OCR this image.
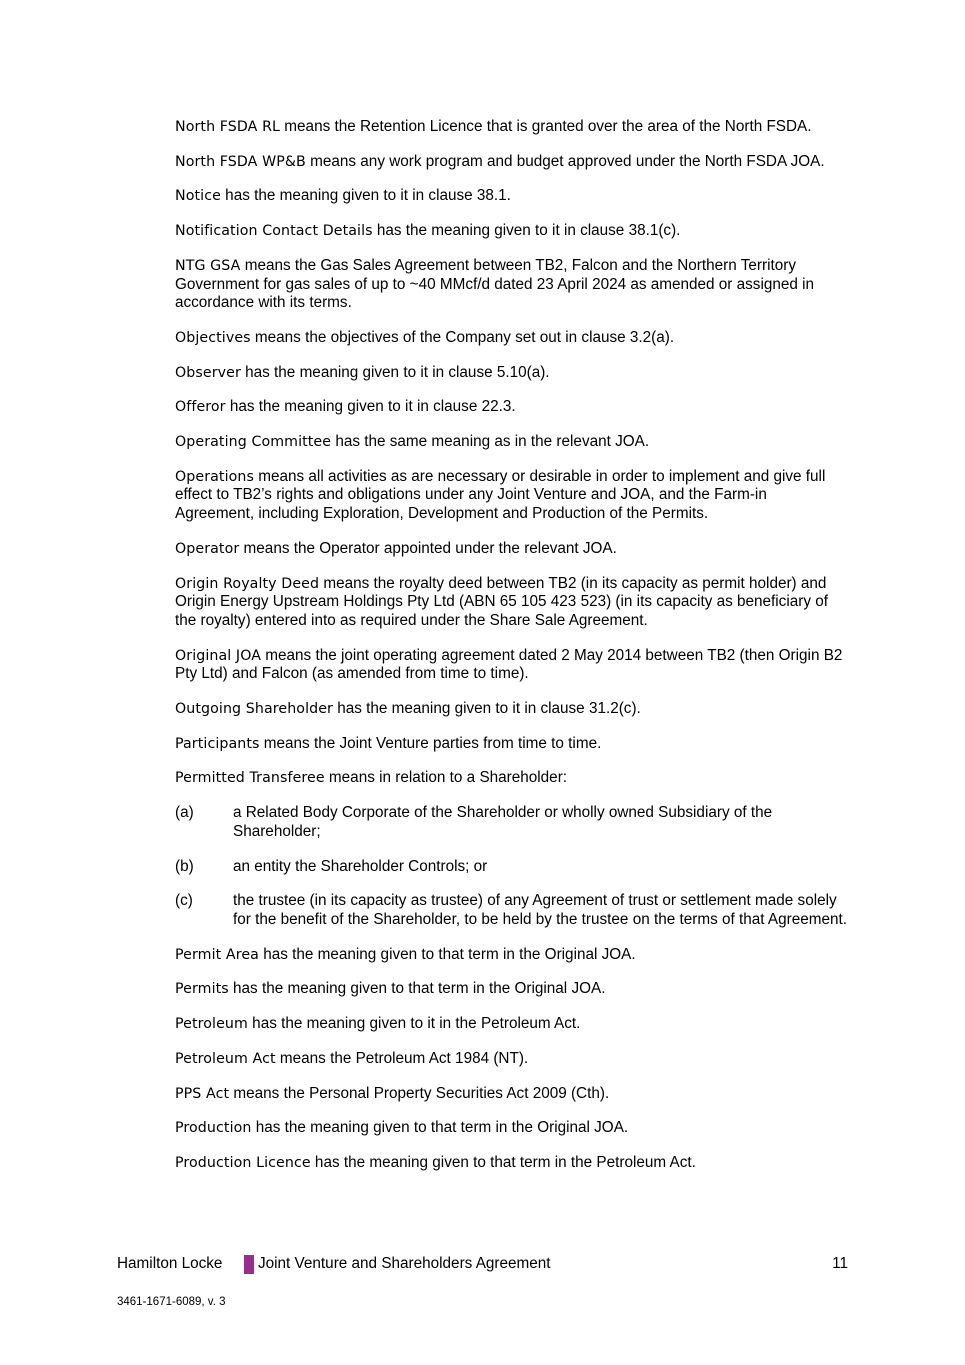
North FSDA RL means the Retention Licence that is granted over the area of the North FSDA.

North FSDA WP&B means any work program and budget approved under the North FSDA JOA.

Notice has the meaning given to it in clause 38.1.

Notification Contact Details has the meaning given to it in clause 38.1(c).

NTG GSA means the Gas Sales Agreement between TB2, Falcon and the Northern Territory Government for gas sales of up to ~40 MMcf/d dated 23 April 2024 as amended or assigned in accordance with its terms.

Objectives means the objectives of the Company set out in clause 3.2(a).

Observer has the meaning given to it in clause 5.10(a).

Offeror has the meaning given to it in clause 22.3.

Operating Committee has the same meaning as in the relevant JOA.

Operations means all activities as are necessary or desirable in order to implement and give full effect to TB2’s rights and obligations under any Joint Venture and JOA, and the Farm-in Agreement, including Exploration, Development and Production of the Permits.

Operator means the Operator appointed under the relevant JOA.

Origin Royalty Deed means the royalty deed between TB2 (in its capacity as permit holder) and Origin Energy Upstream Holdings Pty Ltd (ABN 65 105 423 523) (in its capacity as beneficiary of the royalty) entered into as required under the Share Sale Agreement.

Original JOA means the joint operating agreement dated 2 May 2014 between TB2 (then Origin B2 Pty Ltd) and Falcon (as amended from time to time).

Outgoing Shareholder has the meaning given to it in clause 31.2(c).

Participants means the Joint Venture parties from time to time.

Permitted Transferee means in relation to a Shareholder:

(a)	a Related Body Corporate of the Shareholder or wholly owned Subsidiary of the Shareholder;
(b)	an entity the Shareholder Controls; or
(c)	the trustee (in its capacity as trustee) of any Agreement of trust or settlement made solely for the benefit of the Shareholder, to be held by the trustee on the terms of that Agreement.

Permit Area has the meaning given to that term in the Original JOA.

Permits has the meaning given to that term in the Original JOA.

Petroleum has the meaning given to it in the Petroleum Act.

Petroleum Act means the Petroleum Act 1984 (NT).

PPS Act means the Personal Property Securities Act 2009 (Cth).

Production has the meaning given to that term in the Original JOA.

Production Licence has the meaning given to that term in the Petroleum Act.

Hamilton Locke Joint Venture and Shareholders Agreement	11
3461-1671-6089, v. 3
